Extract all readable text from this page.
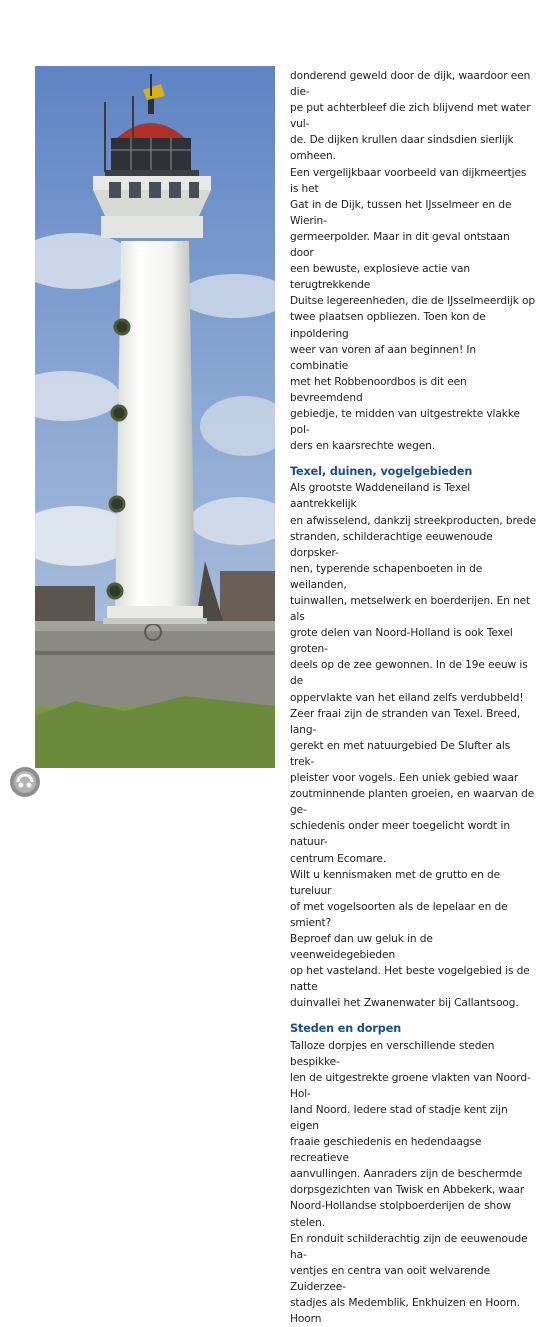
donderend geweld door de dijk, waardoor een die-
pe put achterbleef die zich blijvend met water vul-
de. De dijken krullen daar sindsdien sierlijk
omheen.

Een vergelijkbaar voorbeeld van dijkmeertjes is het
Gat in de Dijk, tussen het IJsselmeer en de Wierin-
germeerpolder. Maar in dit geval ontstaan door
een bewuste, explosieve actie van terugtrekkende
Duitse legereenheden, die de IJsselmeerdijk op
twee plaatsen opbliezen. Toen kon de inpoldering
weer van voren af aan beginnen! In combinatie
met het Robbenoordbos is dit een bevreemdend
gebiedje, te midden van uitgestrekte vlakke pol-
ders en kaarsrechte wegen.

Texel, duinen, vogelgebieden

Als grootste Waddeneiland is Texel aantrekkelijk
en afwisselend, dankzij streekproducten, brede
stranden, schilderachtige eeuwenoude dorpsker-
nen, typerende schapenboeten in de weilanden,
tuinwallen, metselwerk en boerderijen. En net als
grote delen van Noord-Holland is ook Texel groten-
deels op de zee gewonnen. In de 19e eeuw is de
oppervlakte van het eiland zelfs verdubbeld!

Zeer fraai zijn de stranden van Texel. Breed, lang-
gerekt en met natuurgebied De Slufter als trek-
pleister voor vogels. Een uniek gebied waar
zoutminnende planten groeien, en waarvan de ge-
schiedenis onder meer toegelicht wordt in natuur-
centrum Ecomare.

Wilt u kennismaken met de grutto en de tureluur
of met vogelsoorten als de lepelaar en de smient?
Beproef dan uw geluk in de veenweidegebieden
op het vasteland. Het beste vogelgebied is de natte
duinvallei het Zwanenwater bij Callantsoog.

Steden en dorpen

Talloze dorpjes en verschillende steden bespikke-
len de uitgestrekte groene vlakten van Noord-Hol-
land Noord. Iedere stad of stadje kent zijn eigen
fraaie geschiedenis en hedendaagse recreatieve
aanvullingen. Aanraders zijn de beschermde
dorpsgezichten van Twisk en Abbekerk, waar
Noord-Hollandse stolpboerderijen de show stelen.
En ronduit schilderachtig zijn de eeuwenoude ha-
ventjes en centra van ooit welvarende Zuiderzee-
stadjes als Medemblik, Enkhuizen en Hoorn. Hoorn
